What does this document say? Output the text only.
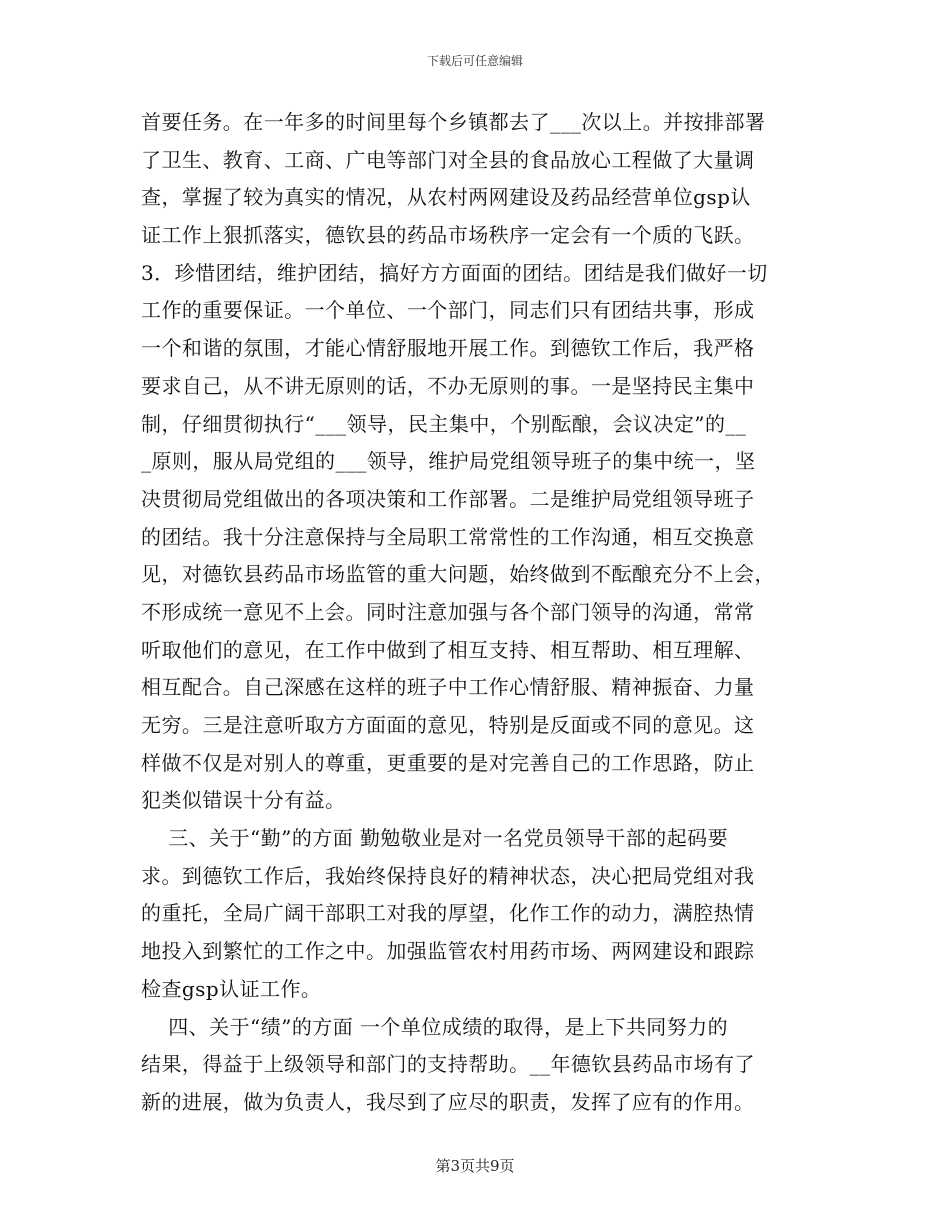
下载后可任意编辑
首要任务。在一年多的时间里每个乡镇都去了___次以上。并按排部署
了卫生、教育、工商、广电等部门对全县的食品放心工程做了大量调
查，掌握了较为真实的情况，从农村两网建设及药品经营单位gsp认
证工作上狠抓落实，德钦县的药品市场秩序一定会有一个质的飞跃。
3．珍惜团结，维护团结，搞好方方面面的团结。团结是我们做好一切
工作的重要保证。一个单位、一个部门，同志们只有团结共事，形成
一个和谐的氛围，才能心情舒服地开展工作。到德钦工作后，我严格
要求自己，从不讲无原则的话，不办无原则的事。一是坚持民主集中
制，仔细贯彻执行“___领导，民主集中，个别酝酿，会议决定”的__
_原则，服从局党组的___领导，维护局党组领导班子的集中统一，坚
决贯彻局党组做出的各项决策和工作部署。二是维护局党组领导班子
的团结。我十分注意保持与全局职工常常性的工作沟通，相互交换意
见，对德钦县药品市场监管的重大问题，始终做到不酝酿充分不上会，
不形成统一意见不上会。同时注意加强与各个部门领导的沟通，常常
听取他们的意见，在工作中做到了相互支持、相互帮助、相互理解、
相互配合。自己深感在这样的班子中工作心情舒服、精神振奋、力量
无穷。三是注意听取方方面面的意见，特别是反面或不同的意见。这
样做不仅是对别人的尊重，更重要的是对完善自己的工作思路，防止
犯类似错误十分有益。
三、关于“勤”的方面 勤勉敬业是对一名党员领导干部的起码要
求。到德钦工作后，我始终保持良好的精神状态，决心把局党组对我
的重托，全局广阔干部职工对我的厚望，化作工作的动力，满腔热情
地投入到繁忙的工作之中。加强监管农村用药市场、两网建设和跟踪
检查gsp认证工作。
四、关于“绩”的方面 一个单位成绩的取得，是上下共同努力的
结果，得益于上级领导和部门的支持帮助。__年德钦县药品市场有了
新的进展，做为负责人，我尽到了应尽的职责，发挥了应有的作用。
第3页共9页
